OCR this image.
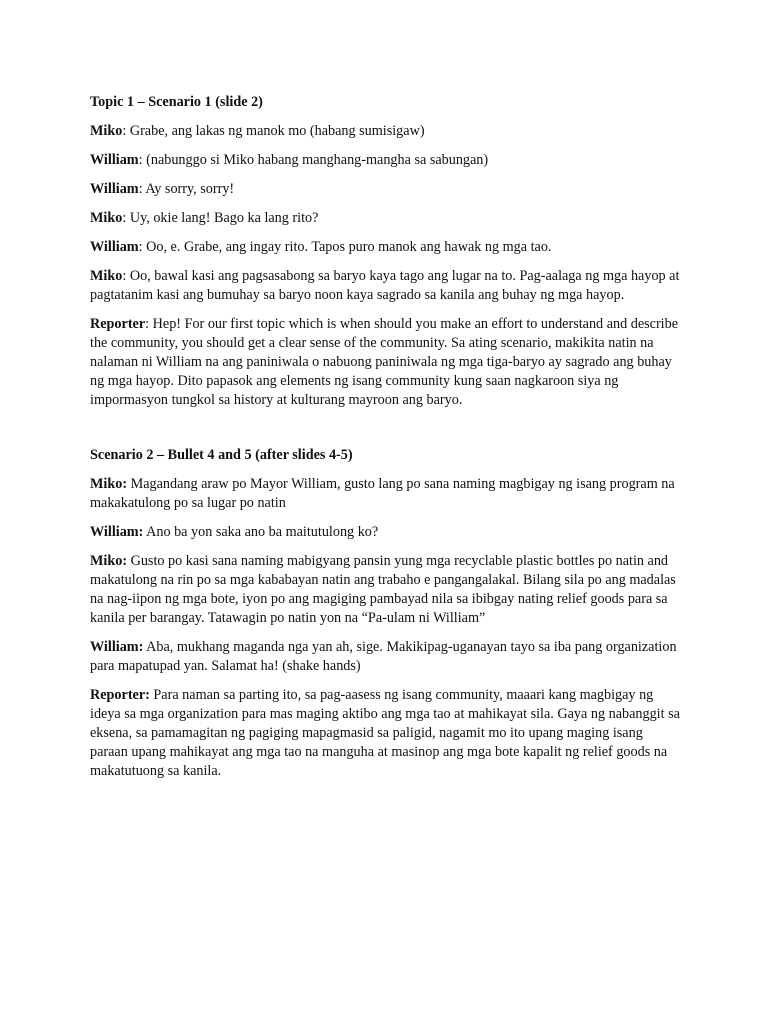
Topic 1 – Scenario 1 (slide 2)
Miko: Grabe, ang lakas ng manok mo (habang sumisigaw)
William: (nabunggo si Miko habang manghang-mangha sa sabungan)
William: Ay sorry, sorry!
Miko: Uy, okie lang! Bago ka lang rito?
William: Oo, e. Grabe, ang ingay rito. Tapos puro manok ang hawak ng mga tao.
Miko: Oo, bawal kasi ang pagsasabong sa baryo kaya tago ang lugar na to. Pag-aalaga ng mga hayop at pagtatanim kasi ang bumuhay sa baryo noon kaya sagrado sa kanila ang buhay ng mga hayop.
Reporter: Hep! For our first topic which is when should you make an effort to understand and describe the community, you should get a clear sense of the community. Sa ating scenario, makikita natin na nalaman ni William na ang paniniwala o nabuong paniniwala ng mga tiga-baryo ay sagrado ang buhay ng mga hayop. Dito papasok ang elements ng isang community kung saan nagkaroon siya ng impormasyon tungkol sa history at kulturang mayroon ang baryo.
Scenario 2 – Bullet 4 and 5 (after slides 4-5)
Miko: Magandang araw po Mayor William, gusto lang po sana naming magbigay ng isang program na makakatulong po sa lugar po natin
William: Ano ba yon saka ano ba maitutulong ko?
Miko: Gusto po kasi sana naming mabigyang pansin yung mga recyclable plastic bottles po natin and makatulong na rin po sa mga kababayan natin ang trabaho e pangangalakal. Bilang sila po ang madalas na nag-iipon ng mga bote, iyon po ang magiging pambayad nila sa ibibgay nating relief goods para sa kanila per barangay. Tatawagin po natin yon na “Pa-ulam ni William”
William: Aba, mukhang maganda nga yan ah, sige. Makikipag-uganayan tayo sa iba pang organization para mapatupad yan. Salamat ha! (shake hands)
Reporter: Para naman sa parting ito, sa pag-aasess ng isang community, maaari kang magbigay ng ideya sa mga organization para mas maging aktibo ang mga tao at mahikayat sila. Gaya ng nabanggit sa eksena, sa pamamagitan ng pagiging mapagmasid sa paligid, nagamit mo ito upang maging isang paraan upang mahikayat ang mga tao na manguha at masinop ang mga bote kapalit ng relief goods na makatutuong sa kanila.
